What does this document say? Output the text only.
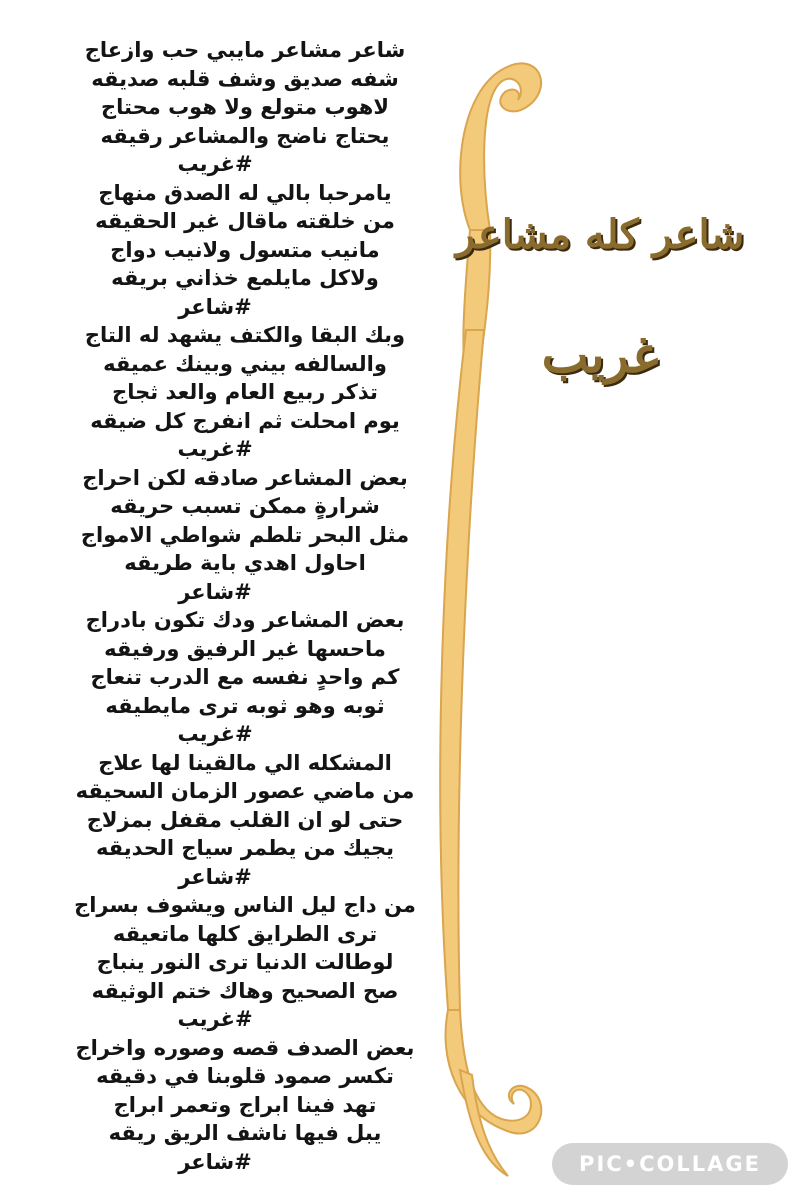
شاعر مشاعر مايبي حب وازعاج
شفه صديق وشف قلبه صديقه
لاهوب متولع ولا هوب محتاج
يحتاج ناضج والمشاعر رقيقه
#غريب
يامرحبا بالي له الصدق منهاج
من خلقته ماقال غير الحقيقه
مانيب متسول ولانيب دواج
ولاكل مايلمع خذاني بريقه
#شاعر
وبك البقا والكتف يشهد له التاج
والسالفه بيني وبينك عميقه
تذكر ربيع العام والعد ثجاج
يوم امحلت ثم انفرج كل ضيقه
#غريب
بعض المشاعر صادقه لكن احراج
شرارةٍ ممكن تسبب حريقه
مثل البحر تلطم شواطي الامواج
احاول اهدي باية طريقه
#شاعر
بعض المشاعر ودك تكون بادراج
ماحسها غير الرفيق ورفيقه
كم واحدٍ نفسه مع الدرب تنعاج
ثوبه وهو ثوبه ترى مايطيقه
#غريب
المشكله الي مالقينا لها علاج
من ماضي عصور الزمان السحيقه
حتى لو ان القلب مقفل بمزلاج
يجيك من يطمر سياج الحديقه
#شاعر
من داج ليل الناس ويشوف بسراج
ترى الطرايق كلها ماتعيقه
لوطالت الدنيا ترى النور ينباج
صح الصحيح وهاك ختم الوثيقه
#غريب
بعض الصدف قصه وصوره واخراج
تكسر صمود قلوبنا في دقيقه
تهد فينا ابراج وتعمر ابراج
يبل فيها ناشف الريق ريقه
#شاعر
شاعر كله مشاعر
غريب
PIC•COLLAGE
